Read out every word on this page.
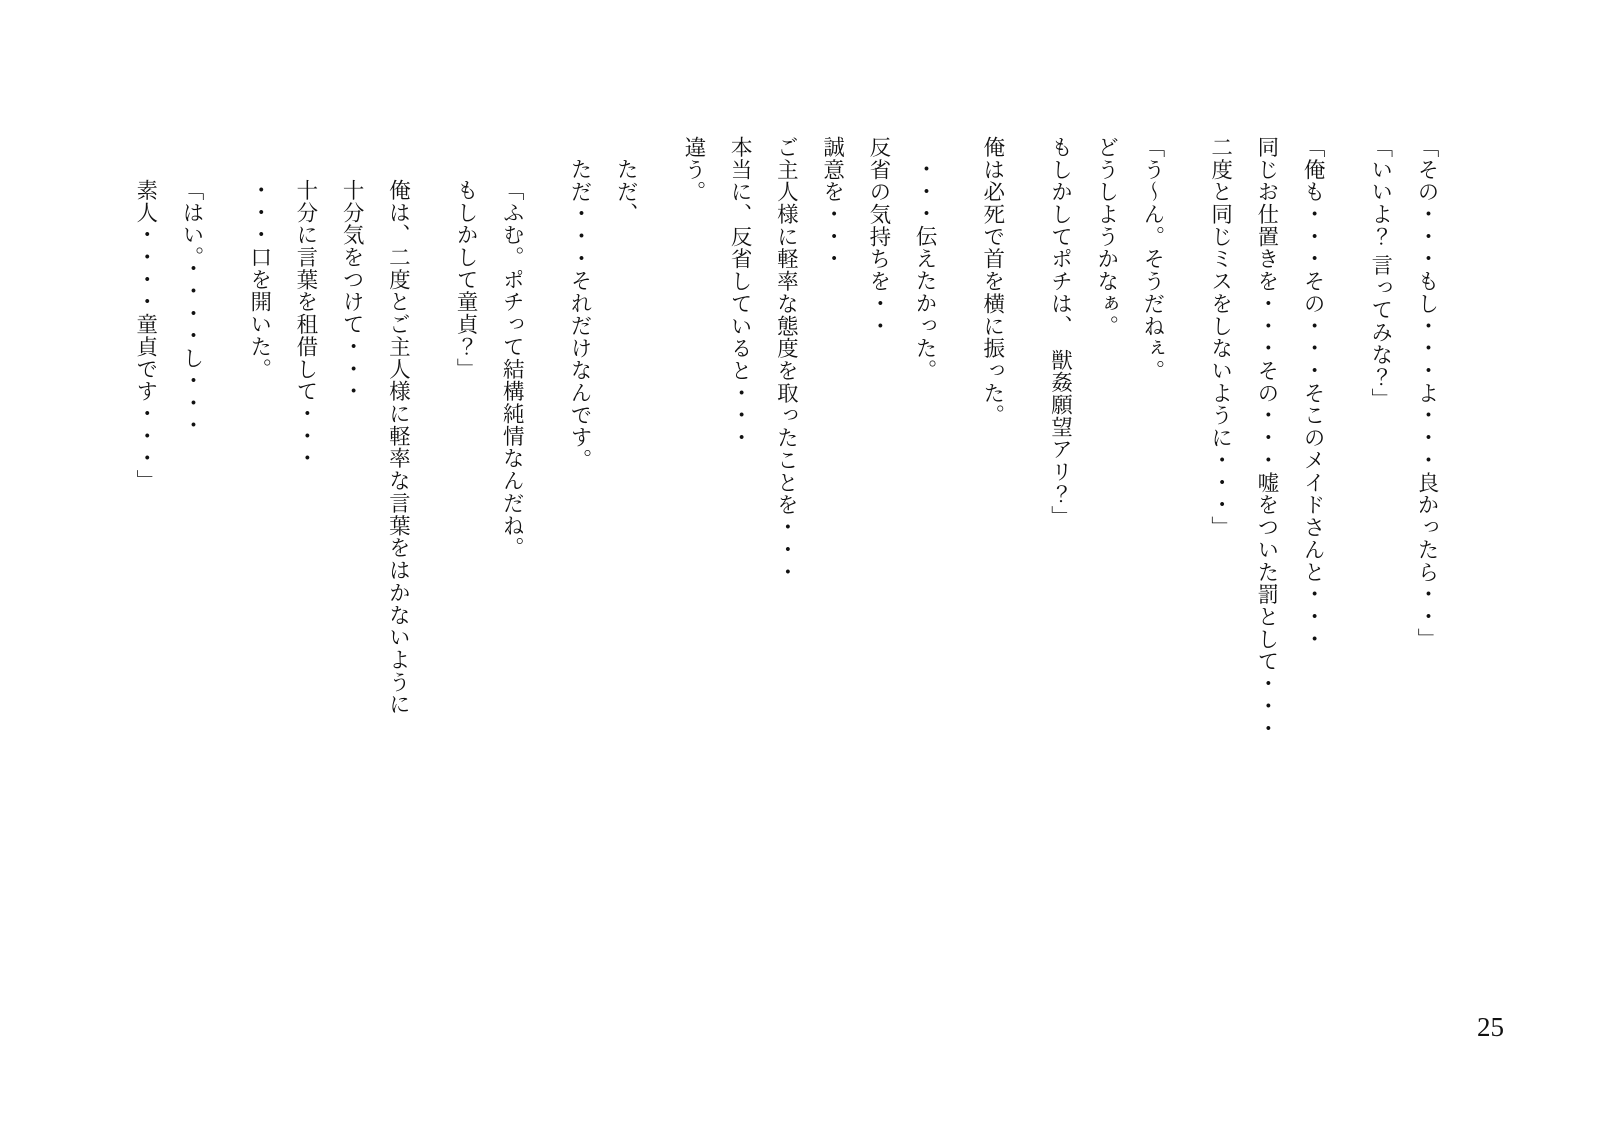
「その・・・もし・・・よ・・・良かったら・・」
「いいよ？ 言ってみな？」
「俺も・・・その・・・そこのメイドさんと・・・
同じお仕置きを・・・その・・・嘘をついた罰として・・・
二度と同じミスをしないように・・・」
「う～ん。そうだねぇ。
どうしようかなぁ。
もしかしてポチは、　獣姦願望アリ？」
俺は必死で首を横に振った。
・・・伝えたかった。
反省の気持ちを・・
誠意を・・・
ご主人様に軽率な態度を取ったことを・・・
本当に、反省していると・・・
違う。
ただ、
ただ・・・それだけなんです。
「ふむ。ポチって結構純情なんだね。
もしかして童貞？」
俺は、二度とご主人様に軽率な言葉をはかないように
十分気をつけて・・・
十分に言葉を租借して・・・
・・・口を開いた。
「はい。・・・・し・・・
素人・・・・童貞です・・・」
25
